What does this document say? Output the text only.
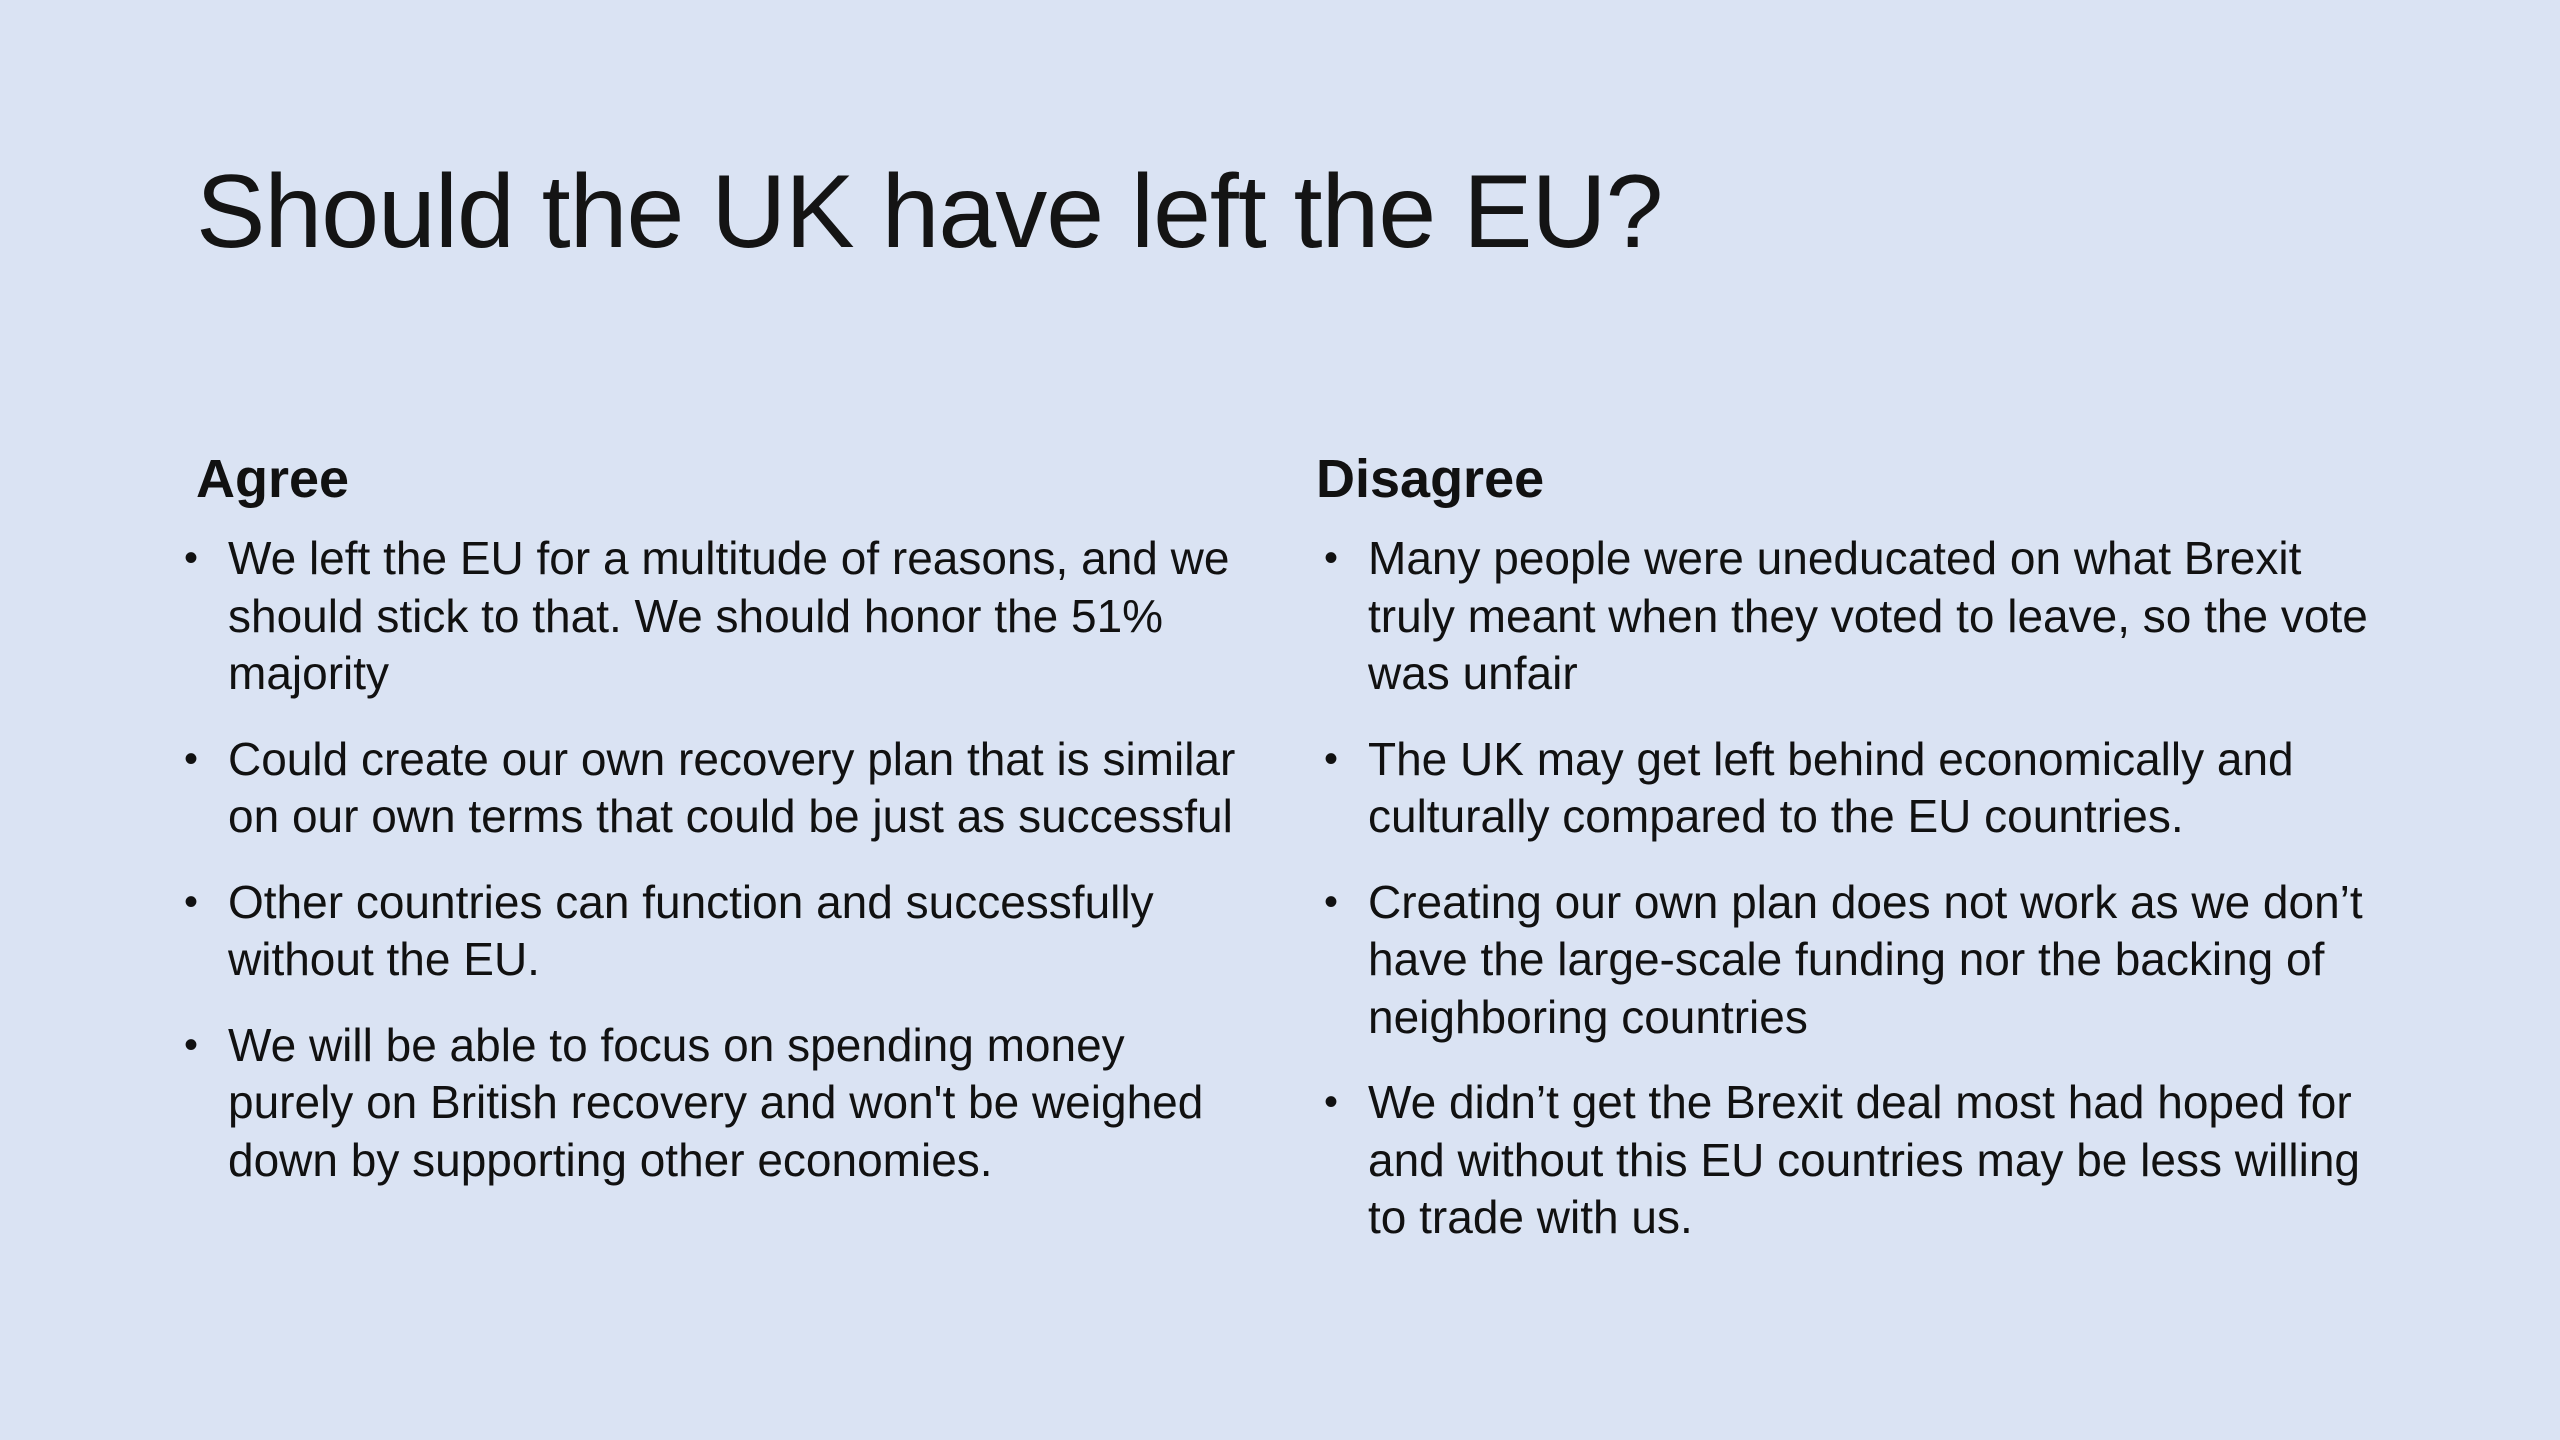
Should the UK have left the EU?
Agree
• We left the EU for a multitude of reasons, and we should stick to that. We should honor the 51% majority
• Could create our own recovery plan that is similar on our own terms that could be just as successful
• Other countries can function and successfully without the EU.
• We will be able to focus on spending money purely on British recovery and won't be weighed down by supporting other economies.
Disagree
• Many people were uneducated on what Brexit truly meant when they voted to leave, so the vote was unfair
• The UK may get left behind economically and culturally compared to the EU countries.
• Creating our own plan does not work as we don’t have the large-scale funding nor the backing of neighboring countries
• We didn’t get the Brexit deal most had hoped for and without this EU countries may be less willing to trade with us.
